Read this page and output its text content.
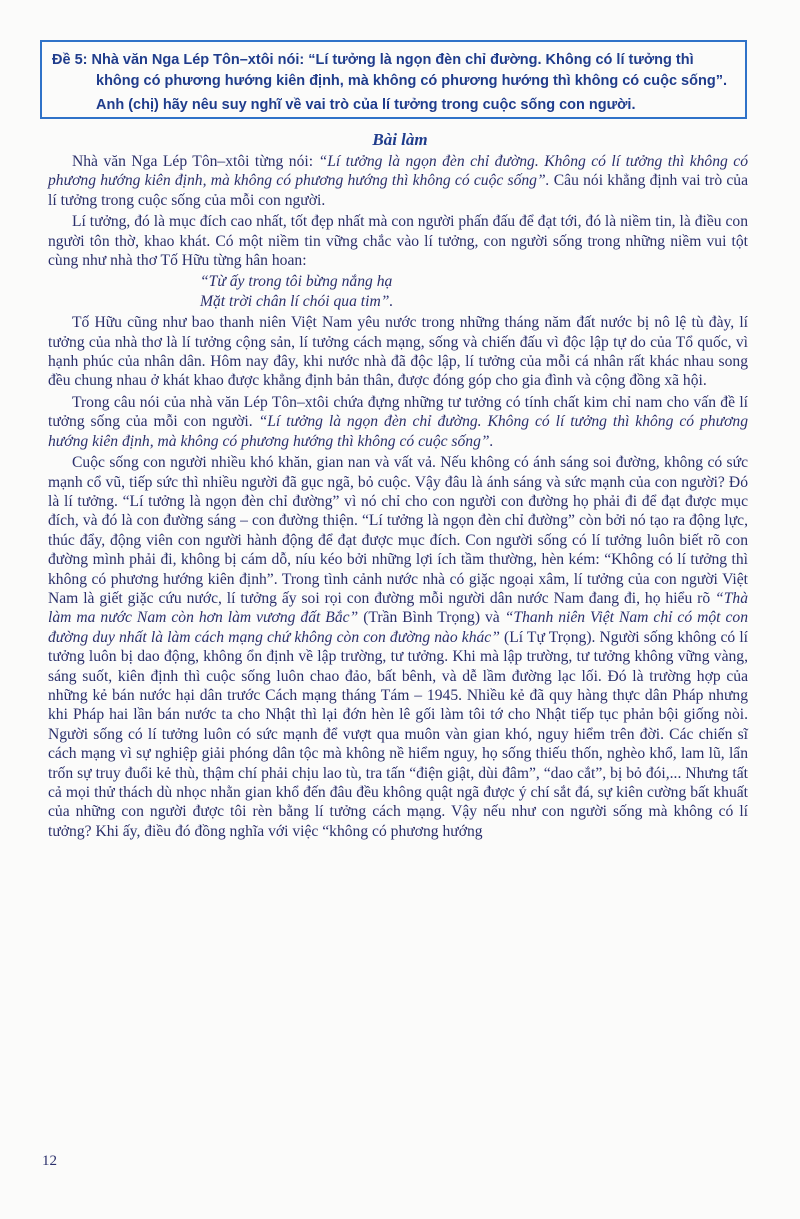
Đề 5: Nhà văn Nga Lép Tôn–xtôi nói: “Lí tưởng là ngọn đèn chỉ đường. Không có lí tưởng thì
không có phương hướng kiên định, mà không có phương hướng thì không có cuộc sống”.
Anh (chị) hãy nêu suy nghĩ về vai trò của lí tưởng trong cuộc sống con người.
Bài làm

Nhà văn Nga Lép Tôn–xtôi từng nói: “Lí tưởng là ngọn đèn chỉ đường. Không có lí tưởng thì không có phương hướng kiên định, mà không có phương hướng thì không có cuộc sống”. Câu nói khẳng định vai trò của lí tưởng trong cuộc sống của mỗi con người.

Lí tưởng, đó là mục đích cao nhất, tốt đẹp nhất mà con người phấn đấu để đạt tới, đó là niềm tin, là điều con người tôn thờ, khao khát. Có một niềm tin vững chắc vào lí tưởng, con người sống trong những niềm vui tột cùng như nhà thơ Tố Hữu từng hân hoan:

“Từ ấy trong tôi bừng nắng hạ
Mặt trời chân lí chói qua tim”.

Tố Hữu cũng như bao thanh niên Việt Nam yêu nước trong những tháng năm đất nước bị nô lệ tù đày, lí tưởng của nhà thơ là lí tưởng cộng sản, lí tưởng cách mạng, sống và chiến đấu vì độc lập tự do của Tổ quốc, vì hạnh phúc của nhân dân. Hôm nay đây, khi nước nhà đã độc lập, lí tưởng của mỗi cá nhân rất khác nhau song đều chung nhau ở khát khao được khẳng định bản thân, được đóng góp cho gia đình và cộng đồng xã hội.

Trong câu nói của nhà văn Lép Tôn–xtôi chứa đựng những tư tưởng có tính chất kim chỉ nam cho vấn đề lí tưởng sống của mỗi con người. “Lí tưởng là ngọn đèn chỉ đường. Không có lí tưởng thì không có phương hướng kiên định, mà không có phương hướng thì không có cuộc sống”.

Cuộc sống con người nhiều khó khăn, gian nan và vất vả. Nếu không có ánh sáng soi đường, không có sức mạnh cổ vũ, tiếp sức thì nhiều người đã gục ngã, bỏ cuộc. Vậy đâu là ánh sáng và sức mạnh của con người? Đó là lí tưởng. “Lí tưởng là ngọn đèn chỉ đường” vì nó chỉ cho con người con đường họ phải đi để đạt được mục đích, và đó là con đường sáng – con đường thiện. “Lí tưởng là ngọn đèn chỉ đường” còn bởi nó tạo ra động lực, thúc đẩy, động viên con người hành động để đạt được mục đích. Con người sống có lí tưởng luôn biết rõ con đường mình phải đi, không bị cám dỗ, níu kéo bởi những lợi ích tầm thường, hèn kém: “Không có lí tưởng thì không có phương hướng kiên định”. Trong tình cảnh nước nhà có giặc ngoại xâm, lí tưởng của con người Việt Nam là giết giặc cứu nước, lí tưởng ấy soi rọi con đường mỗi người dân nước Nam đang đi, họ hiểu rõ “Thà làm ma nước Nam còn hơn làm vương đất Bắc” (Trần Bình Trọng) và “Thanh niên Việt Nam chỉ có một con đường duy nhất là làm cách mạng chứ không còn con đường nào khác” (Lí Tự Trọng). Người sống không có lí tưởng luôn bị dao động, không ổn định về lập trường, tư tưởng. Khi mà lập trường, tư tưởng không vững vàng, sáng suốt, kiên định thì cuộc sống luôn chao đảo, bất bênh, và dễ lầm đường lạc lối. Đó là trường hợp của những kẻ bán nước hại dân trước Cách mạng tháng Tám – 1945. Nhiều kẻ đã quy hàng thực dân Pháp nhưng khi Pháp hai lần bán nước ta cho Nhật thì lại đớn hèn lê gối làm tôi tớ cho Nhật tiếp tục phản bội giống nòi. Người sống có lí tưởng luôn có sức mạnh để vượt qua muôn vàn gian khó, nguy hiểm trên đời. Các chiến sĩ cách mạng vì sự nghiệp giải phóng dân tộc mà không nề hiểm nguy, họ sống thiếu thốn, nghèo khổ, lam lũ, lẩn trốn sự truy đuổi kẻ thù, thậm chí phải chịu lao tù, tra tấn “điện giật, dùi đâm”, “dao cắt”, bị bỏ đói,... Nhưng tất cả mọi thử thách dù nhọc nhằn gian khổ đến đâu đều không quật ngã được ý chí sắt đá, sự kiên cường bất khuất của những con người được tôi rèn bằng lí tưởng cách mạng. Vậy nếu như con người sống mà không có lí tưởng? Khi ấy, điều đó đồng nghĩa với việc “không có phương hướng

12
